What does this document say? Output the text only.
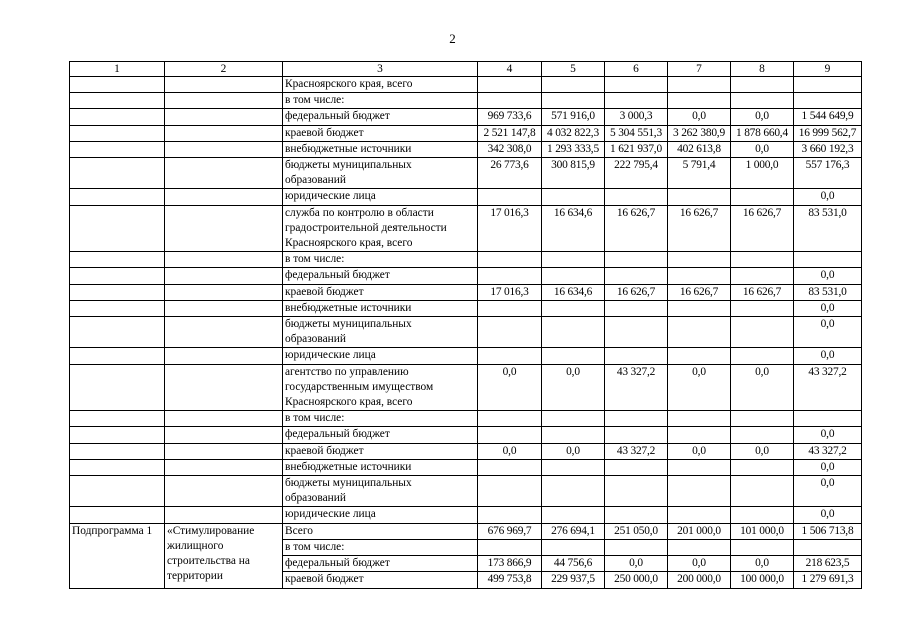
2
1	2	3	4	5	6	7	8	9
		Красноярского края, всего						
		в том числе:						
		федеральный бюджет	969 733,6	571 916,0	3 000,3	0,0	0,0	1 544 649,9
		краевой бюджет	2 521 147,8	4 032 822,3	5 304 551,3	3 262 380,9	1 878 660,4	16 999 562,7
		внебюджетные источники	342 308,0	1 293 333,5	1 621 937,0	402 613,8	0,0	3 660 192,3
		бюджеты муниципальных образований	26 773,6	300 815,9	222 795,4	5 791,4	1 000,0	557 176,3
		юридические лица						0,0
		служба по контролю в области градостроительной деятельности Красноярского края, всего	17 016,3	16 634,6	16 626,7	16 626,7	16 626,7	83 531,0
		в том числе:						
		федеральный бюджет						0,0
		краевой бюджет	17 016,3	16 634,6	16 626,7	16 626,7	16 626,7	83 531,0
		внебюджетные источники						0,0
		бюджеты муниципальных образований						0,0
		юридические лица						0,0
		агентство по управлению государственным имуществом Красноярского края, всего	0,0	0,0	43 327,2	0,0	0,0	43 327,2
		в том числе:						
		федеральный бюджет						0,0
		краевой бюджет	0,0	0,0	43 327,2	0,0	0,0	43 327,2
		внебюджетные источники						0,0
		бюджеты муниципальных образований						0,0
		юридические лица						0,0
Подпрограмма 1	«Стимулирование жилищного строительства на территории	Всего	676 969,7	276 694,1	251 050,0	201 000,0	101 000,0	1 506 713,8
		в том числе:						
		федеральный бюджет	173 866,9	44 756,6	0,0	0,0	0,0	218 623,5
		краевой бюджет	499 753,8	229 937,5	250 000,0	200 000,0	100 000,0	1 279 691,3
